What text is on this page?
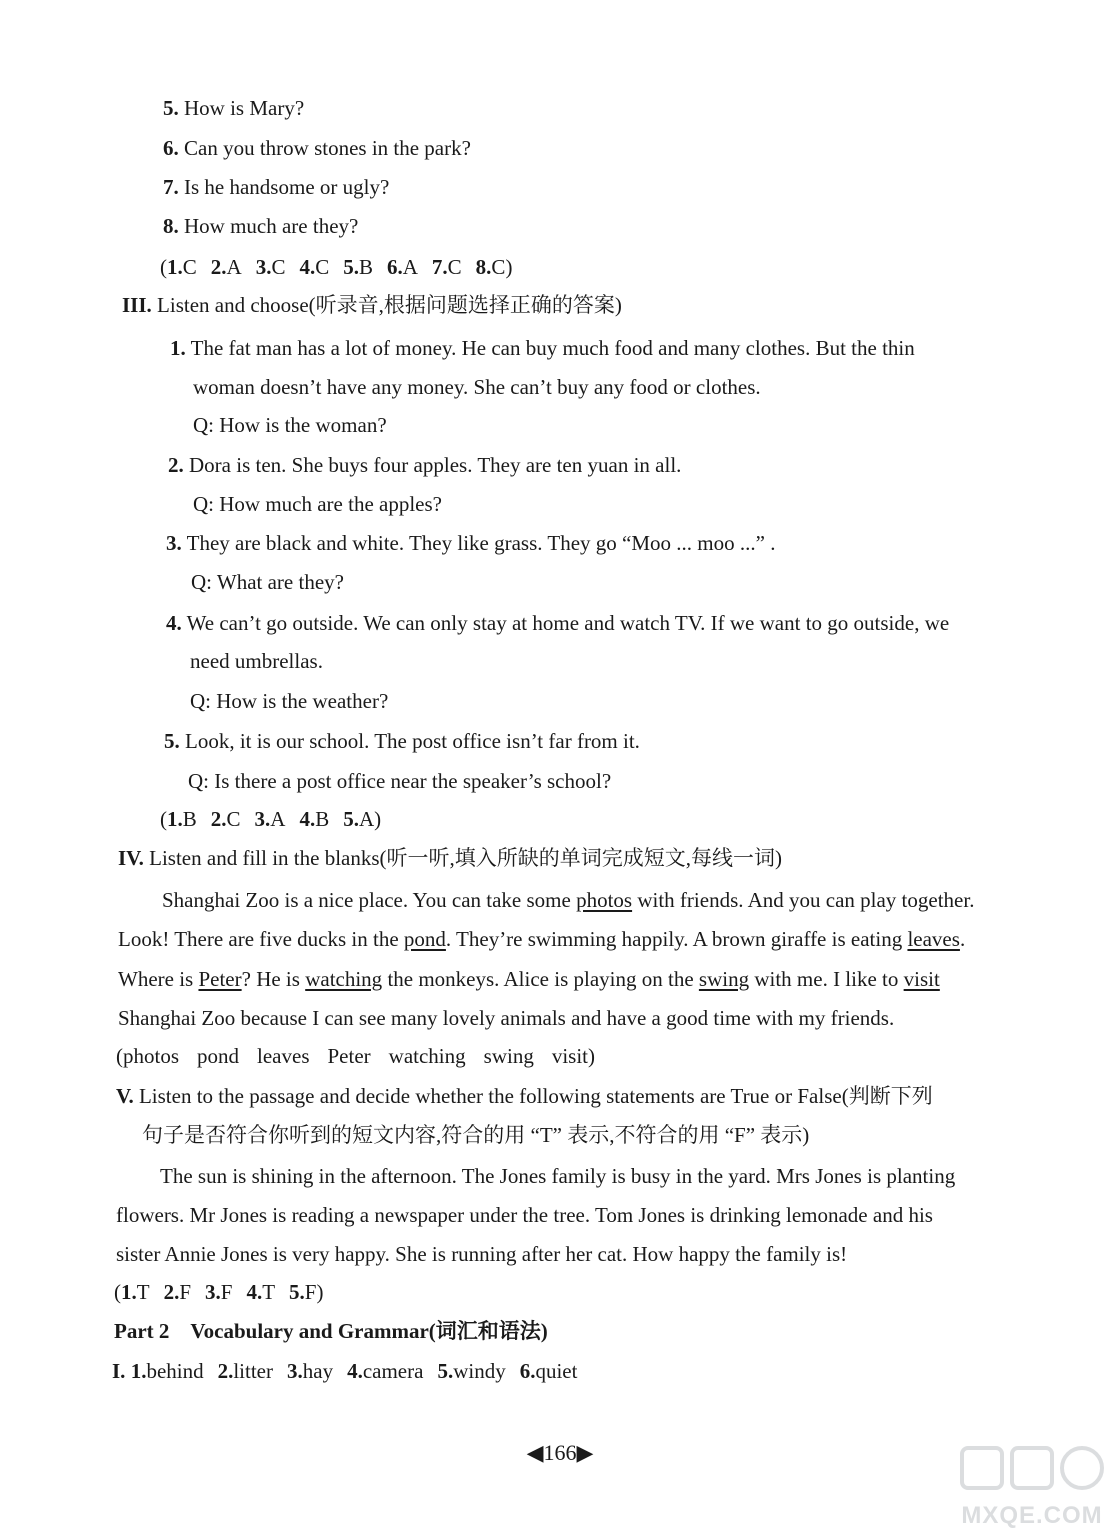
5. How is Mary?
6. Can you throw stones in the park?
7. Is he handsome or ugly?
8. How much are they?
(1.C 2.A 3.C 4.C 5.B 6.A 7.C 8.C)
III. Listen and choose(听录音,根据问题选择正确的答案)
1. The fat man has a lot of money. He can buy much food and many clothes. But the thin
woman doesn’t have any money. She can’t buy any food or clothes.
Q: How is the woman?
2. Dora is ten. She buys four apples. They are ten yuan in all.
Q: How much are the apples?
3. They are black and white. They like grass. They go “Moo ... moo ...” .
Q: What are they?
4. We can’t go outside. We can only stay at home and watch TV. If we want to go outside, we
need umbrellas.
Q: How is the weather?
5. Look, it is our school. The post office isn’t far from it.
Q: Is there a post office near the speaker’s school?
(1.B 2.C 3.A 4.B 5.A)
IV. Listen and fill in the blanks(听一听,填入所缺的单词完成短文,每线一词)
Shanghai Zoo is a nice place. You can take some photos with friends. And you can play together.
Look! There are five ducks in the pond. They’re swimming happily. A brown giraffe is eating leaves.
Where is Peter? He is watching the monkeys. Alice is playing on the swing with me. I like to visit
Shanghai Zoo because I can see many lovely animals and have a good time with my friends.
(photos pond leaves Peter watching swing visit)
V. Listen to the passage and decide whether the following statements are True or False(判断下列
句子是否符合你听到的短文内容,符合的用 “T” 表示,不符合的用 “F” 表示)
The sun is shining in the afternoon. The Jones family is busy in the yard. Mrs Jones is planting
flowers. Mr Jones is reading a newspaper under the tree. Tom Jones is drinking lemonade and his
sister Annie Jones is very happy. She is running after her cat. How happy the family is!
(1.T 2.F 3.F 4.T 5.F)
Part 2 Vocabulary and Grammar(词汇和语法)
I. 1.behind 2.litter 3.hay 4.camera 5.windy 6.quiet
◀166▶
MXQE.COM
